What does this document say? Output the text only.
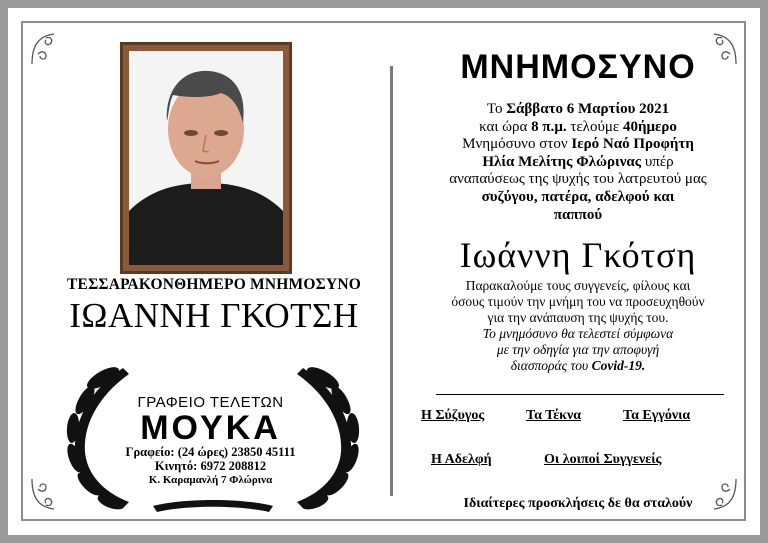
ΤΕΣΣΑΡΑΚΟΝΘΗΜΕΡΟ ΜΝΗΜΟΣΥΝΟ
ΙΩΑΝΝΗ ΓΚΟΤΣΗ
ΓΡΑΦΕΙΟ ΤΕΛΕΤΩΝ
ΜΟΥΚΑ
Γραφείο: (24 ώρες) 23850 45111
Κινητό: 6972 208812
Κ. Καραμανλή 7 Φλώρινα
ΜΝΗΜΟΣΥΝΟ
Το Σάββατο 6 Μαρτίου 2021
και ώρα 8 π.μ. τελούμε 40ήμερο
Μνημόσυνο στον Ιερό Ναό Προφήτη
Ηλία Μελίτης Φλώρινας υπέρ
αναπαύσεως της ψυχής του λατρευτού μας
συζύγου, πατέρα, αδελφού και
παππού
Ιωάννη Γκότση
Παρακαλούμε τους συγγενείς, φίλους και
όσους τιμούν την μνήμη του να προσευχηθούν
για την ανάπαυση της ψυχής του.
Το μνημόσυνο θα τελεστεί σύμφωνα
με την οδηγία για την αποφυγή
διασποράς του Covid-19.
Η Σύζυγος	Τα Τέκνα	Τα Εγγόνια
Η Αδελφή	Οι λοιποί Συγγενείς
Ιδιαίτερες προσκλήσεις δε θα σταλούν
